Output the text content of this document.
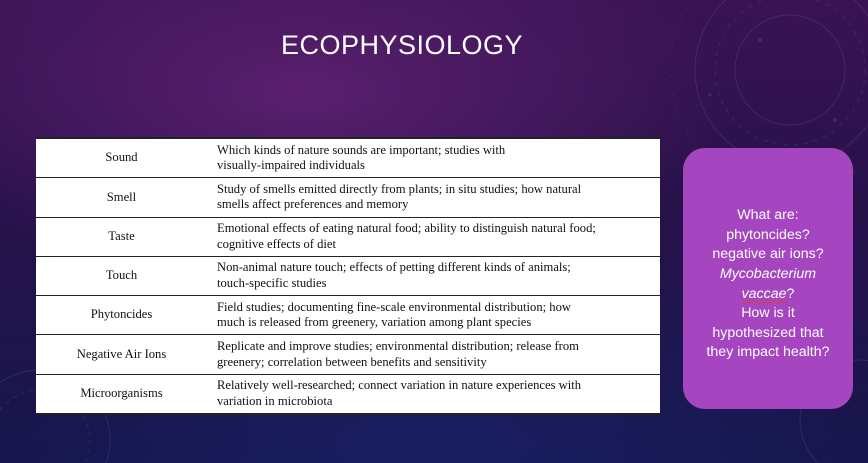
ECOPHYSIOLOGY
Sound	Which kinds of nature sounds are important; studies with
visually-impaired individuals
Smell	Study of smells emitted directly from plants; in situ studies; how natural
smells affect preferences and memory
Taste	Emotional effects of eating natural food; ability to distinguish natural food;
cognitive effects of diet
Touch	Non-animal nature touch; effects of petting different kinds of animals;
touch-specific studies
Phytoncides	Field studies; documenting fine-scale environmental distribution; how
much is released from greenery, variation among plant species
Negative Air Ions	Replicate and improve studies; environmental distribution; release from
greenery; correlation between benefits and sensitivity
Microorganisms	Relatively well-researched; connect variation in nature experiences with
variation in microbiota
What are:
phytoncides?
negative air ions?
Mycobacterium
vaccae?
How is it
hypothesized that
they impact health?
